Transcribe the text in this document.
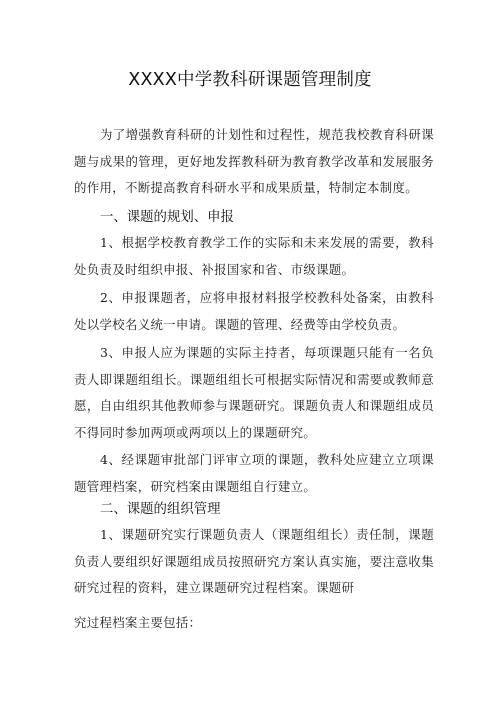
XXXX中学教科研课题管理制度

为了增强教育科研的计划性和过程性，规范我校教育科研课题与成果的管理，更好地发挥教科研为教育教学改革和发展服务的作用，不断提高教育科研水平和成果质量，特制定本制度。

一、课题的规划、申报

1、根据学校教育教学工作的实际和未来发展的需要，教科处负责及时组织申报、补报国家和省、市级课题。

2、申报课题者，应将申报材料报学校教科处备案，由教科处以学校名义统一申请。课题的管理、经费等由学校负责。

3、申报人应为课题的实际主持者，每项课题只能有一名负责人即课题组组长。课题组组长可根据实际情况和需要或教师意愿，自由组织其他教师参与课题研究。课题负责人和课题组成员不得同时参加两项或两项以上的课题研究。

4、经课题审批部门评审立项的课题，教科处应建立立项课题管理档案，研究档案由课题组自行建立。

二、课题的组织管理

1、课题研究实行课题负责人（课题组组长）责任制，课题负责人要组织好课题组成员按照研究方案认真实施，要注意收集研究过程的资料，建立课题研究过程档案。课题研

究过程档案主要包括：
